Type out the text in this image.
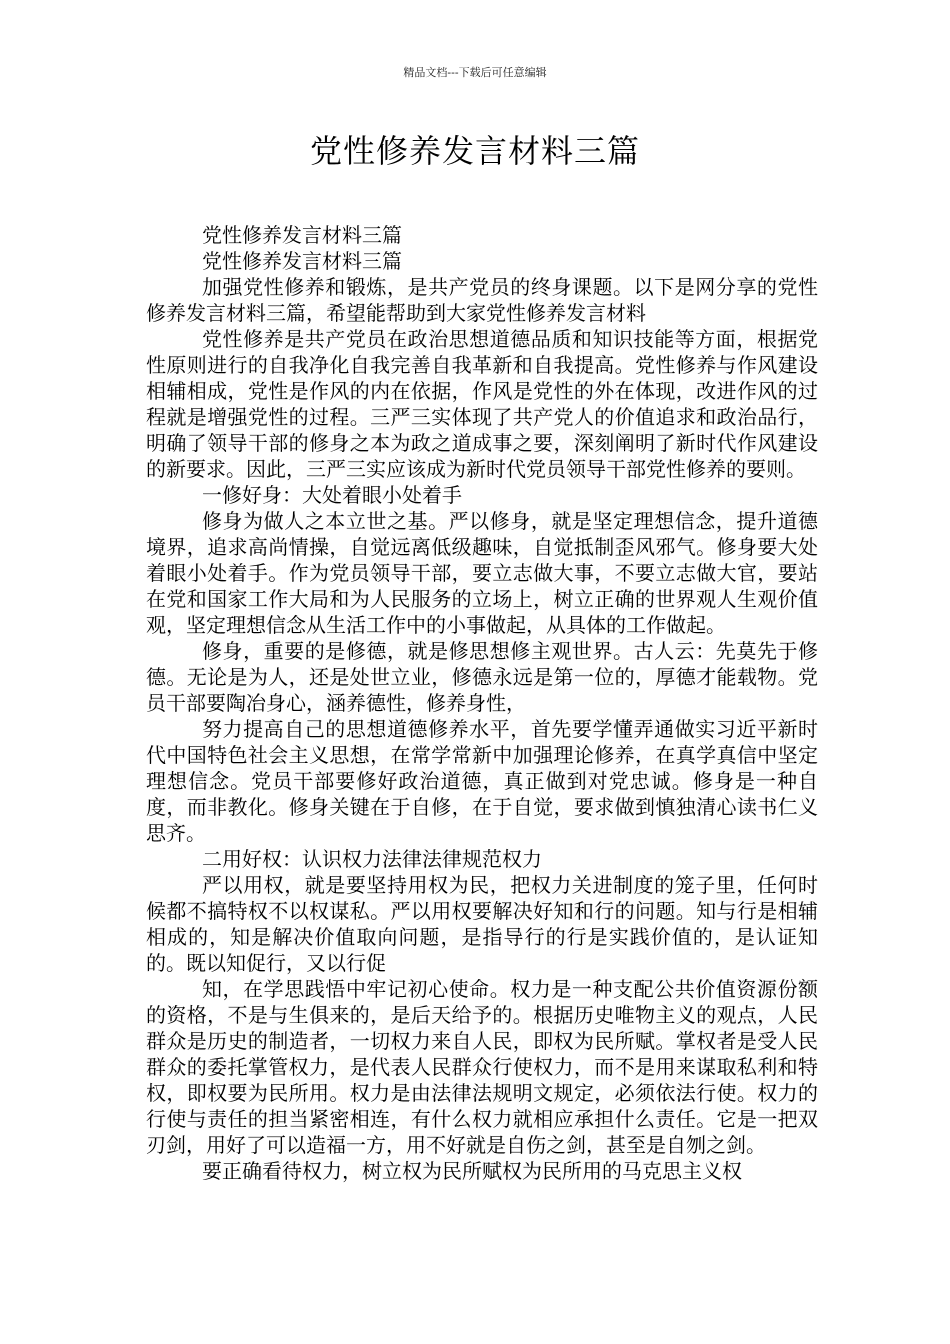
精品文档---下载后可任意编辑
党性修养发言材料三篇

党性修养发言材料三篇

党性修养发言材料三篇

加强党性修养和锻炼，是共产党员的终身课题。以下是网分享的党性修养发言材料三篇，希望能帮助到大家党性修养发言材料

党性修养是共产党员在政治思想道德品质和知识技能等方面，根据党性原则进行的自我净化自我完善自我革新和自我提高。党性修养与作风建设相辅相成，党性是作风的内在依据，作风是党性的外在体现，改进作风的过程就是增强党性的过程。三严三实体现了共产党人的价值追求和政治品行，明确了领导干部的修身之本为政之道成事之要，深刻阐明了新时代作风建设的新要求。因此，三严三实应该成为新时代党员领导干部党性修养的要则。

一修好身：大处着眼小处着手

修身为做人之本立世之基。严以修身，就是坚定理想信念，提升道德境界，追求高尚情操，自觉远离低级趣味，自觉抵制歪风邪气。修身要大处着眼小处着手。作为党员领导干部，要立志做大事，不要立志做大官，要站在党和国家工作大局和为人民服务的立场上，树立正确的世界观人生观价值观，坚定理想信念从生活工作中的小事做起，从具体的工作做起。

修身，重要的是修德，就是修思想修主观世界。古人云：先莫先于修德。无论是为人，还是处世立业，修德永远是第一位的，厚德才能载物。党员干部要陶冶身心，涵养德性，修养身性，

努力提高自己的思想道德修养水平，首先要学懂弄通做实习近平新时代中国特色社会主义思想，在常学常新中加强理论修养，在真学真信中坚定理想信念。党员干部要修好政治道德，真正做到对党忠诚。修身是一种自度，而非教化。修身关键在于自修，在于自觉，要求做到慎独清心读书仁义思齐。

二用好权：认识权力法律法律规范权力

严以用权，就是要坚持用权为民，把权力关进制度的笼子里，任何时候都不搞特权不以权谋私。严以用权要解决好知和行的问题。知与行是相辅相成的，知是解决价值取向问题，是指导行的行是实践价值的，是认证知的。既以知促行，又以行促

知，在学思践悟中牢记初心使命。权力是一种支配公共价值资源份额的资格，不是与生俱来的，是后天给予的。根据历史唯物主义的观点，人民群众是历史的制造者，一切权力来自人民，即权为民所赋。掌权者是受人民群众的委托掌管权力，是代表人民群众行使权力，而不是用来谋取私利和特权，即权要为民所用。权力是由法律法规明文规定，必须依法行使。权力的行使与责任的担当紧密相连，有什么权力就相应承担什么责任。它是一把双刃剑，用好了可以造福一方，用不好就是自伤之剑，甚至是自刎之剑。

要正确看待权力，树立权为民所赋权为民所用的马克思主义权
